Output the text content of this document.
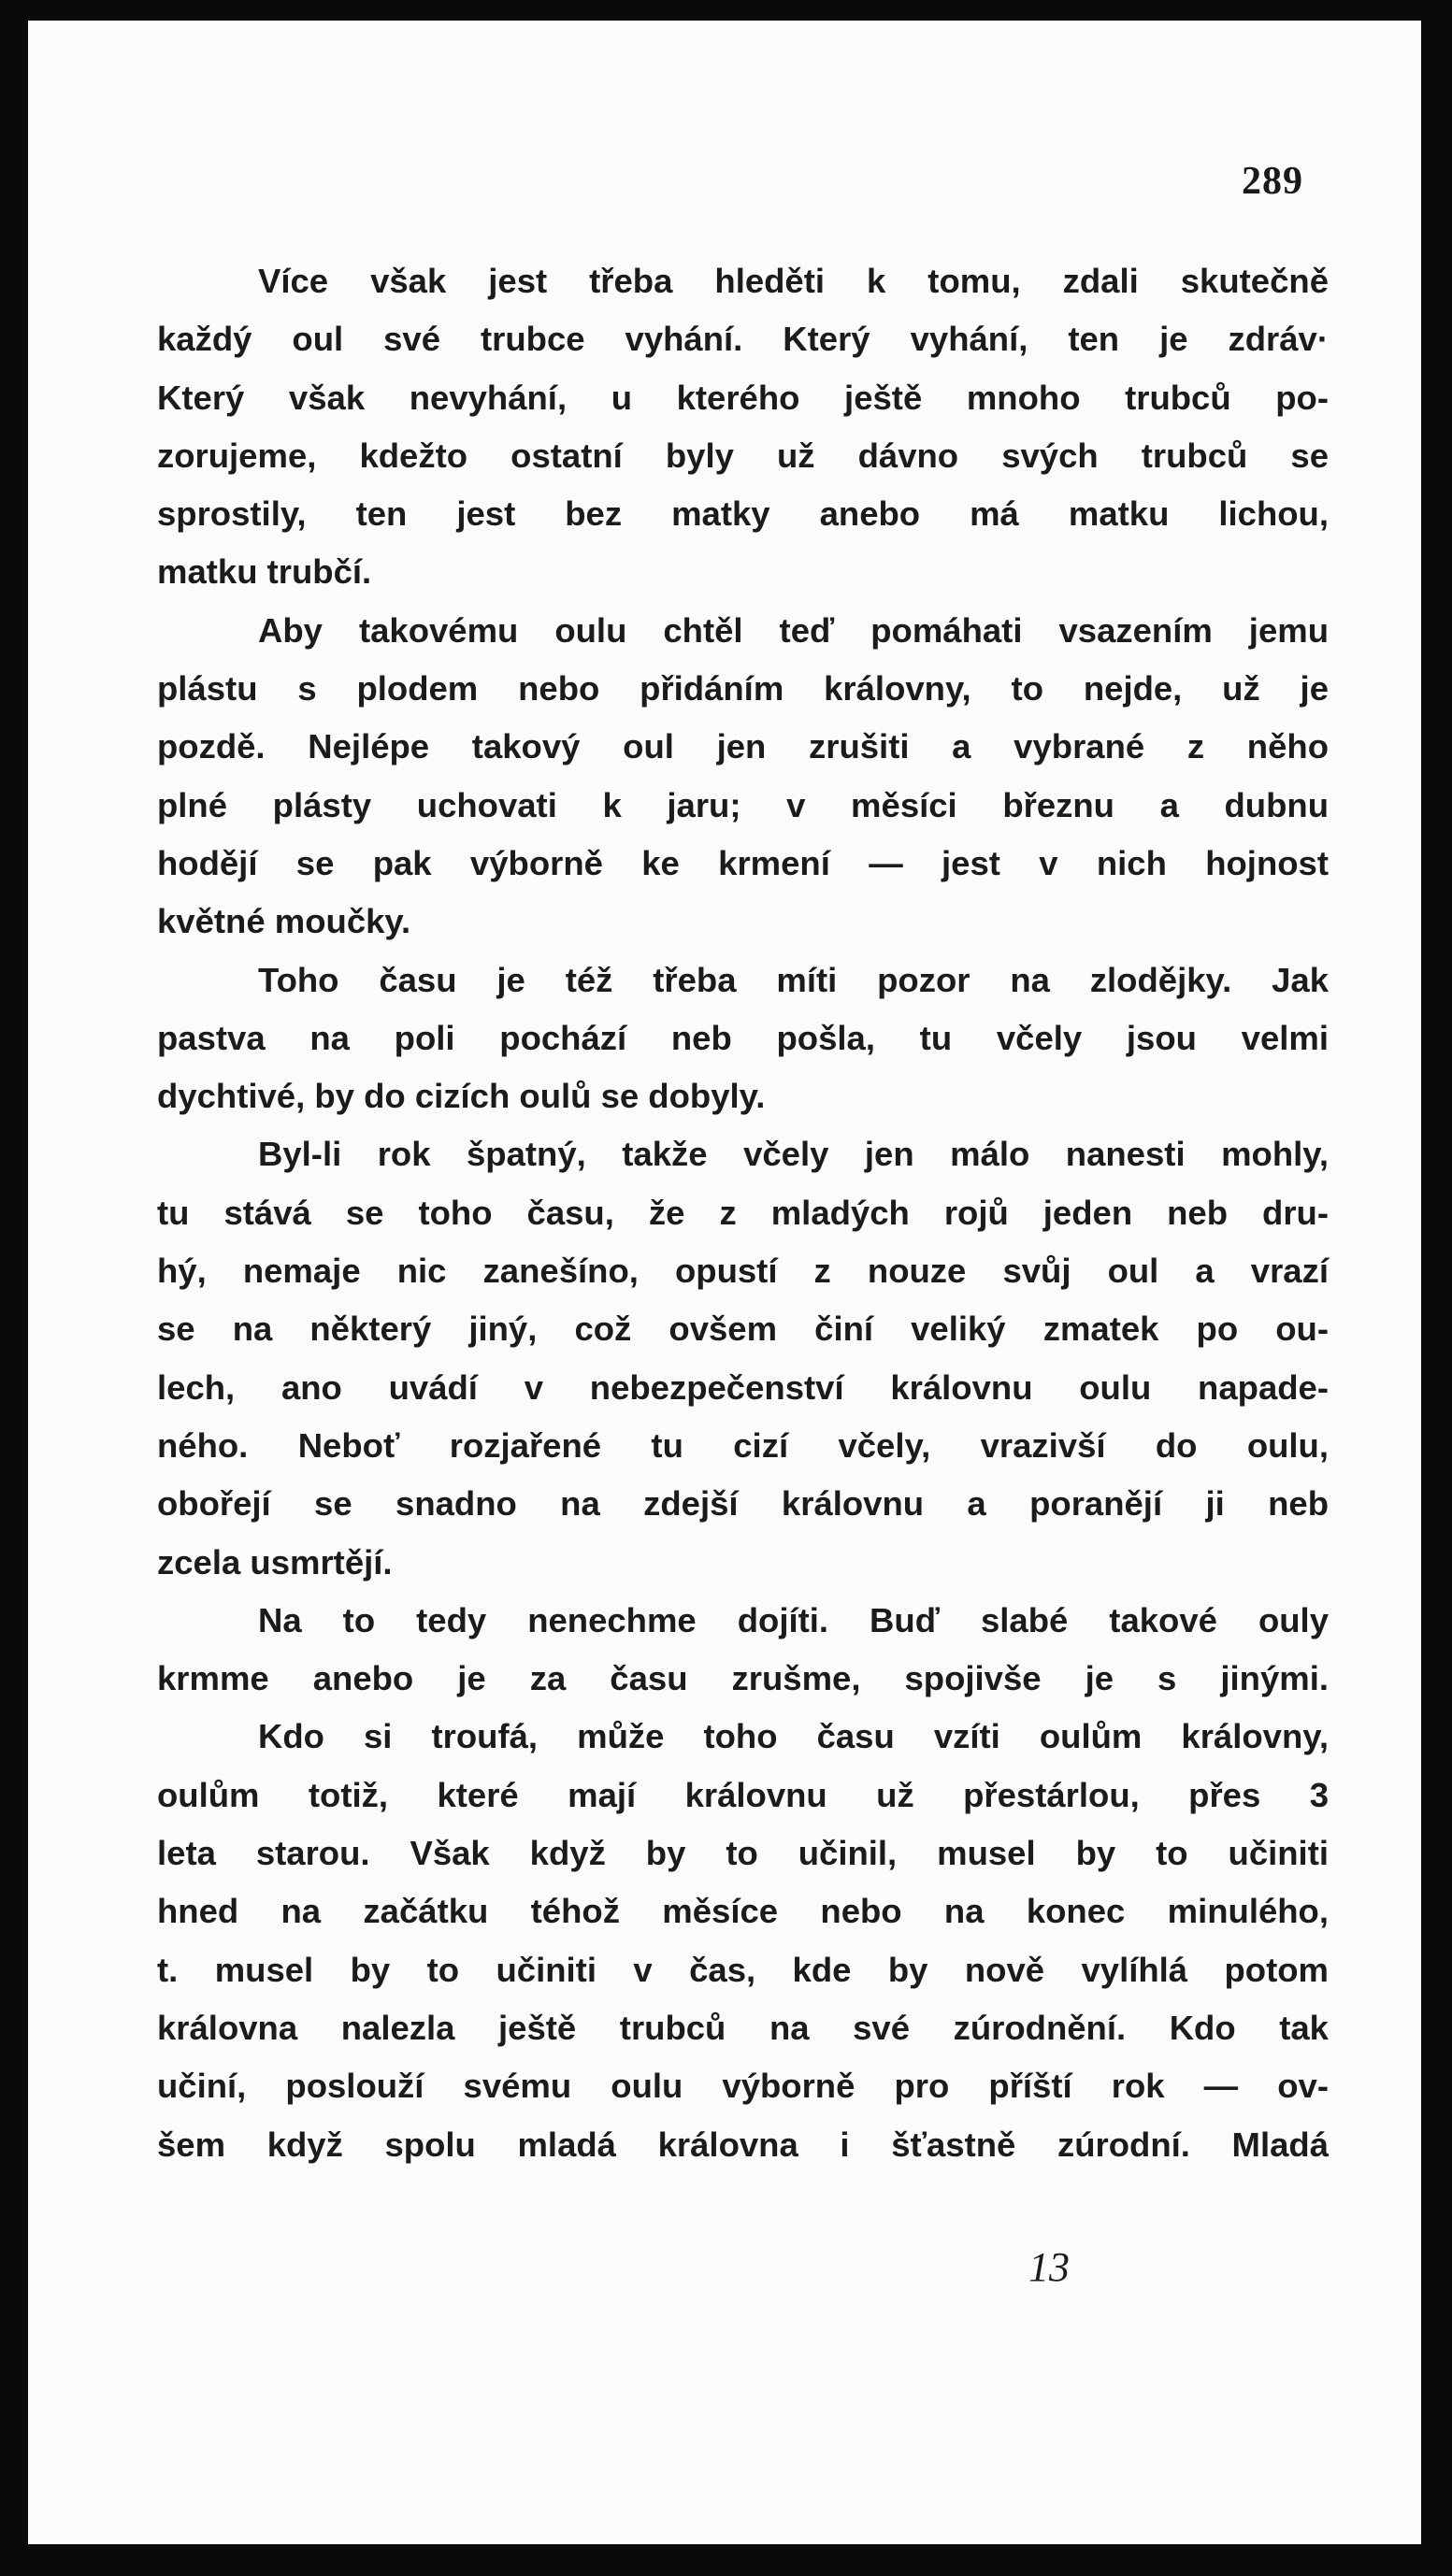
289
Více však jest třeba hleděti k tomu, zdali skutečně
každý oul své trubce vyhání. Který vyhání, ten je zdráv·
Který však nevyhání, u kterého ještě mnoho trubců po-
zorujeme, kdežto ostatní byly už dávno svých trubců se
sprostily, ten jest bez matky anebo má matku lichou,
matku trubčí.
Aby takovému oulu chtěl teď pomáhati vsazením jemu
plástu s plodem nebo přidáním královny, to nejde, už je
pozdě. Nejlépe takový oul jen zrušiti a vybrané z něho
plné plásty uchovati k jaru; v měsíci březnu a dubnu
hodějí se pak výborně ke krmení — jest v nich hojnost
květné moučky.
Toho času je též třeba míti pozor na zlodějky. Jak
pastva na poli pochází neb pošla, tu včely jsou velmi
dychtivé, by do cizích oulů se dobyly.
Byl-li rok špatný, takže včely jen málo nanesti mohly,
tu stává se toho času, že z mladých rojů jeden neb dru-
hý, nemaje nic zanešíno, opustí z nouze svůj oul a vrazí
se na některý jiný, což ovšem činí veliký zmatek po ou-
lech, ano uvádí v nebezpečenství královnu oulu napade-
ného. Neboť rozjařené tu cizí včely, vrazivší do oulu,
obořejí se snadno na zdejší královnu a poranějí ji neb
zcela usmrtějí.
Na to tedy nenechme dojíti. Buď slabé takové ouly
krmme anebo je za času zrušme, spojivše je s jinými.
Kdo si troufá, může toho času vzíti oulům královny,
oulům totiž, které mají královnu už přestárlou, přes 3
leta starou. Však když by to učinil, musel by to učiniti
hned na začátku téhož měsíce nebo na konec minulého,
t. musel by to učiniti v čas, kde by nově vylíhlá potom
královna nalezla ještě trubců na své zúrodnění. Kdo tak
učiní, poslouží svému oulu výborně pro příští rok — ov-
šem když spolu mladá královna i šťastně zúrodní. Mladá
13
